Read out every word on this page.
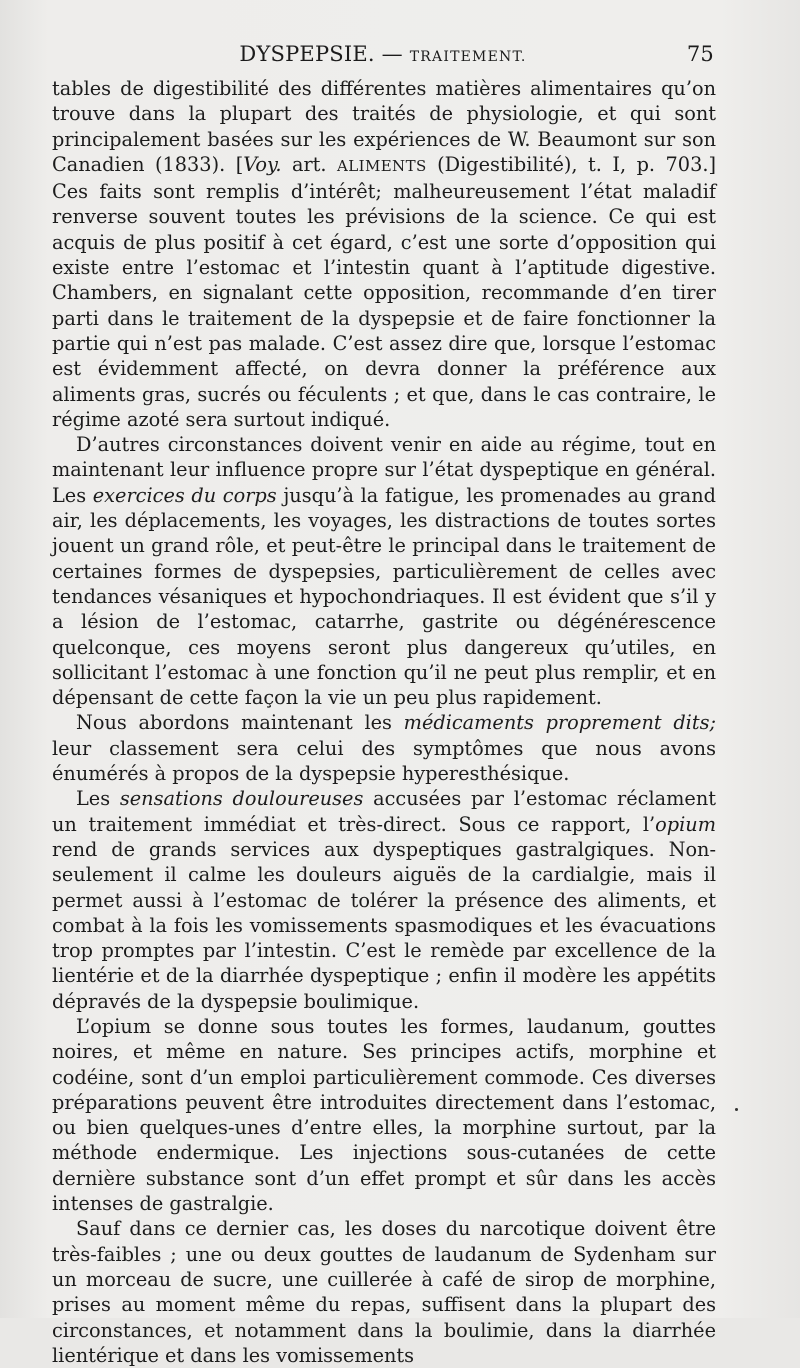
DYSPEPSIE. — TRAITEMENT.	75

tables de digestibilité des différentes matières alimentaires qu’on trouve dans la plupart des traités de physiologie, et qui sont principalement basées sur les expériences de W. Beaumont sur son Canadien (1833). [Voy. art. ALIMENTS (Digestibilité), t. I, p. 703.] Ces faits sont remplis d’intérêt; malheureusement l’état maladif renverse souvent toutes les prévisions de la science. Ce qui est acquis de plus positif à cet égard, c’est une sorte d’opposition qui existe entre l’estomac et l’intestin quant à l’aptitude digestive. Chambers, en signalant cette opposition, recommande d’en tirer parti dans le traitement de la dyspepsie et de faire fonctionner la partie qui n’est pas malade. C’est assez dire que, lorsque l’estomac est évidemment affecté, on devra donner la préférence aux aliments gras, sucrés ou féculents ; et que, dans le cas contraire, le régime azoté sera surtout indiqué.

D’autres circonstances doivent venir en aide au régime, tout en maintenant leur influence propre sur l’état dyspeptique en général. Les exercices du corps jusqu’à la fatigue, les promenades au grand air, les déplacements, les voyages, les distractions de toutes sortes jouent un grand rôle, et peut-être le principal dans le traitement de certaines formes de dyspepsies, particulièrement de celles avec tendances vésaniques et hypochondriaques. Il est évident que s’il y a lésion de l’estomac, catarrhe, gastrite ou dégénérescence quelconque, ces moyens seront plus dangereux qu’utiles, en sollicitant l’estomac à une fonction qu’il ne peut plus remplir, et en dépensant de cette façon la vie un peu plus rapidement.

Nous abordons maintenant les médicaments proprement dits; leur classement sera celui des symptômes que nous avons énumérés à propos de la dyspepsie hyperesthésique.

Les sensations douloureuses accusées par l’estomac réclament un traitement immédiat et très-direct. Sous ce rapport, l’opium rend de grands services aux dyspeptiques gastralgiques. Non-seulement il calme les douleurs aiguës de la cardialgie, mais il permet aussi à l’estomac de tolérer la présence des aliments, et combat à la fois les vomissements spasmodiques et les évacuations trop promptes par l’intestin. C’est le remède par excellence de la lientérie et de la diarrhée dyspeptique ; enfin il modère les appétits dépravés de la dyspepsie boulimique.

L’opium se donne sous toutes les formes, laudanum, gouttes noires, et même en nature. Ses principes actifs, morphine et codéine, sont d’un emploi particulièrement commode. Ces diverses préparations peuvent être introduites directement dans l’estomac, ou bien quelques-unes d’entre elles, la morphine surtout, par la méthode endermique. Les injections sous-cutanées de cette dernière substance sont d’un effet prompt et sûr dans les accès intenses de gastralgie.

Sauf dans ce dernier cas, les doses du narcotique doivent être très-faibles ; une ou deux gouttes de laudanum de Sydenham sur un morceau de sucre, une cuillerée à café de sirop de morphine, prises au moment même du repas, suffisent dans la plupart des circonstances, et notamment dans la boulimie, dans la diarrhée lientérique et dans les vomissements
